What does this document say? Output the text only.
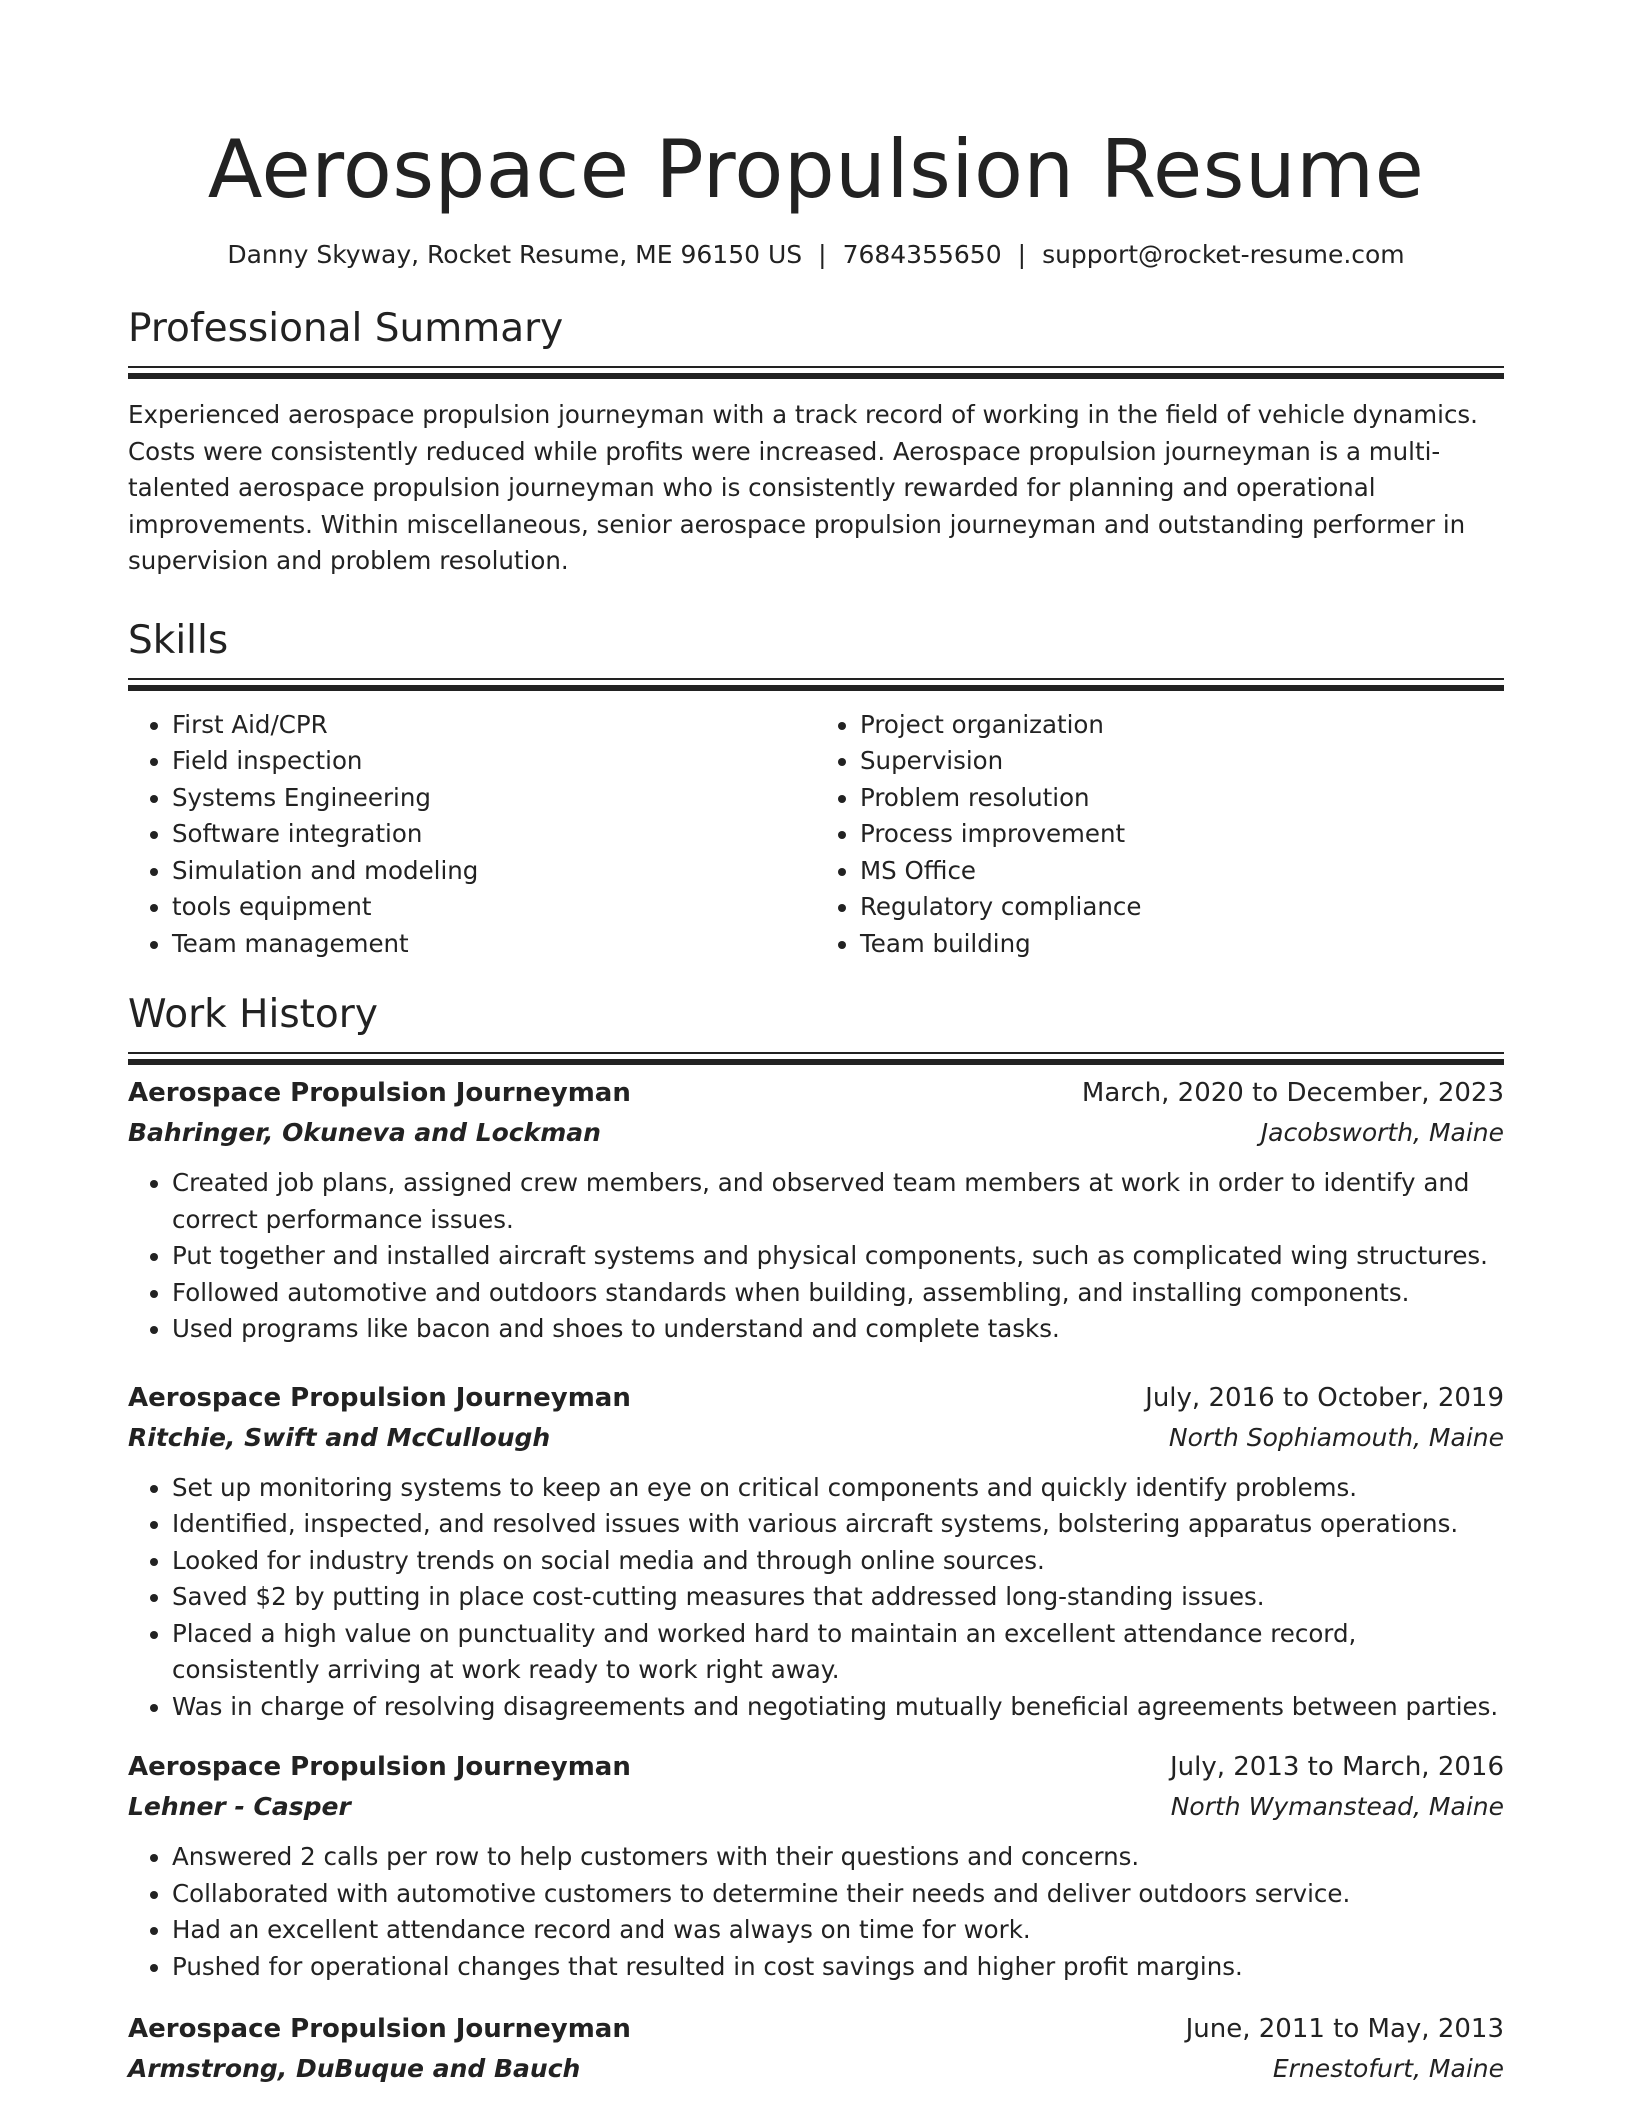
Aerospace Propulsion Resume
Danny Skyway, Rocket Resume, ME 96150 US | 7684355650 | support@rocket-resume.com
Professional Summary

Experienced aerospace propulsion journeyman with a track record of working in the field of vehicle dynamics. Costs were consistently reduced while profits were increased. Aerospace propulsion journeyman is a multi-talented aerospace propulsion journeyman who is consistently rewarded for planning and operational improvements. Within miscellaneous, senior aerospace propulsion journeyman and outstanding performer in supervision and problem resolution.

Skills
• First Aid/CPR
• Field inspection
• Systems Engineering
• Software integration
• Simulation and modeling
• tools equipment
• Team management
• Project organization
• Supervision
• Problem resolution
• Process improvement
• MS Office
• Regulatory compliance
• Team building
Work History
Aerospace Propulsion Journeyman	March, 2020 to December, 2023
Bahringer, Okuneva and Lockman	Jacobsworth, Maine
• Created job plans, assigned crew members, and observed team members at work in order to identify and correct performance issues.
• Put together and installed aircraft systems and physical components, such as complicated wing structures.
• Followed automotive and outdoors standards when building, assembling, and installing components.
• Used programs like bacon and shoes to understand and complete tasks.
Aerospace Propulsion Journeyman	July, 2016 to October, 2019
Ritchie, Swift and McCullough	North Sophiamouth, Maine
• Set up monitoring systems to keep an eye on critical components and quickly identify problems.
• Identified, inspected, and resolved issues with various aircraft systems, bolstering apparatus operations.
• Looked for industry trends on social media and through online sources.
• Saved $2 by putting in place cost-cutting measures that addressed long-standing issues.
• Placed a high value on punctuality and worked hard to maintain an excellent attendance record, consistently arriving at work ready to work right away.
• Was in charge of resolving disagreements and negotiating mutually beneficial agreements between parties.
Aerospace Propulsion Journeyman	July, 2013 to March, 2016
Lehner - Casper	North Wymanstead, Maine
• Answered 2 calls per row to help customers with their questions and concerns.
• Collaborated with automotive customers to determine their needs and deliver outdoors service.
• Had an excellent attendance record and was always on time for work.
• Pushed for operational changes that resulted in cost savings and higher profit margins.
Aerospace Propulsion Journeyman	June, 2011 to May, 2013
Armstrong, DuBuque and Bauch	Ernestofurt, Maine
